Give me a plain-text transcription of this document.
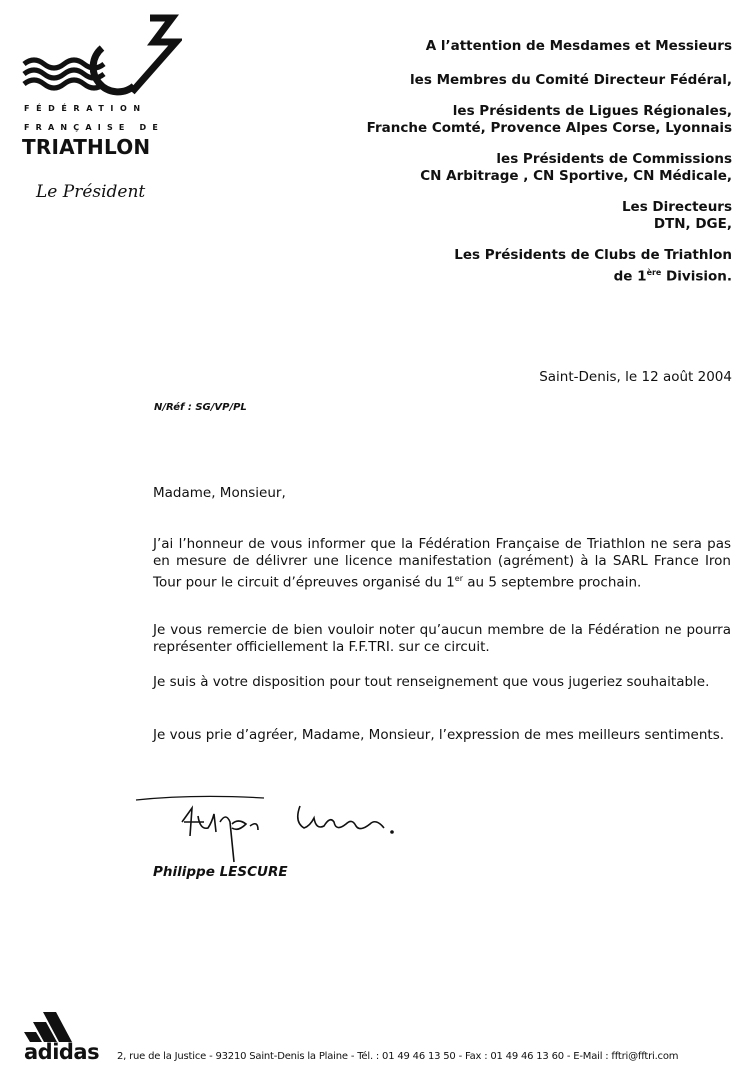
FÉDÉRATION
FRANÇAISE DE
TRIATHLON
Le Président
A l’attention de Mesdames et Messieurs
les Membres du Comité Directeur Fédéral,
les Présidents de Ligues Régionales,
Franche Comté, Provence Alpes Corse, Lyonnais
les Présidents de Commissions
CN Arbitrage , CN Sportive, CN Médicale,
Les Directeurs
DTN, DGE,
Les Présidents de Clubs de Triathlon
de 1ère Division.
Saint-Denis, le 12 août 2004
N/Réf : SG/VP/PL
Madame, Monsieur,
J’ai l’honneur de vous informer que la Fédération Française de Triathlon ne sera pas en mesure de délivrer une licence manifestation (agrément) à la SARL France Iron Tour pour le circuit d’épreuves organisé du 1er au 5 septembre prochain.
Je vous remercie de bien vouloir noter qu’aucun membre de la Fédération ne pourra représenter officiellement la F.F.TRI. sur ce circuit.
Je suis à votre disposition pour tout renseignement que vous jugeriez souhaitable.
Je vous prie d’agréer, Madame, Monsieur, l’expression de mes meilleurs sentiments.
Philippe LESCURE
adidas 2, rue de la Justice - 93210 Saint-Denis la Plaine - Tél. : 01 49 46 13 50 - Fax : 01 49 46 13 60 - E-Mail : fftri@fftri.com
